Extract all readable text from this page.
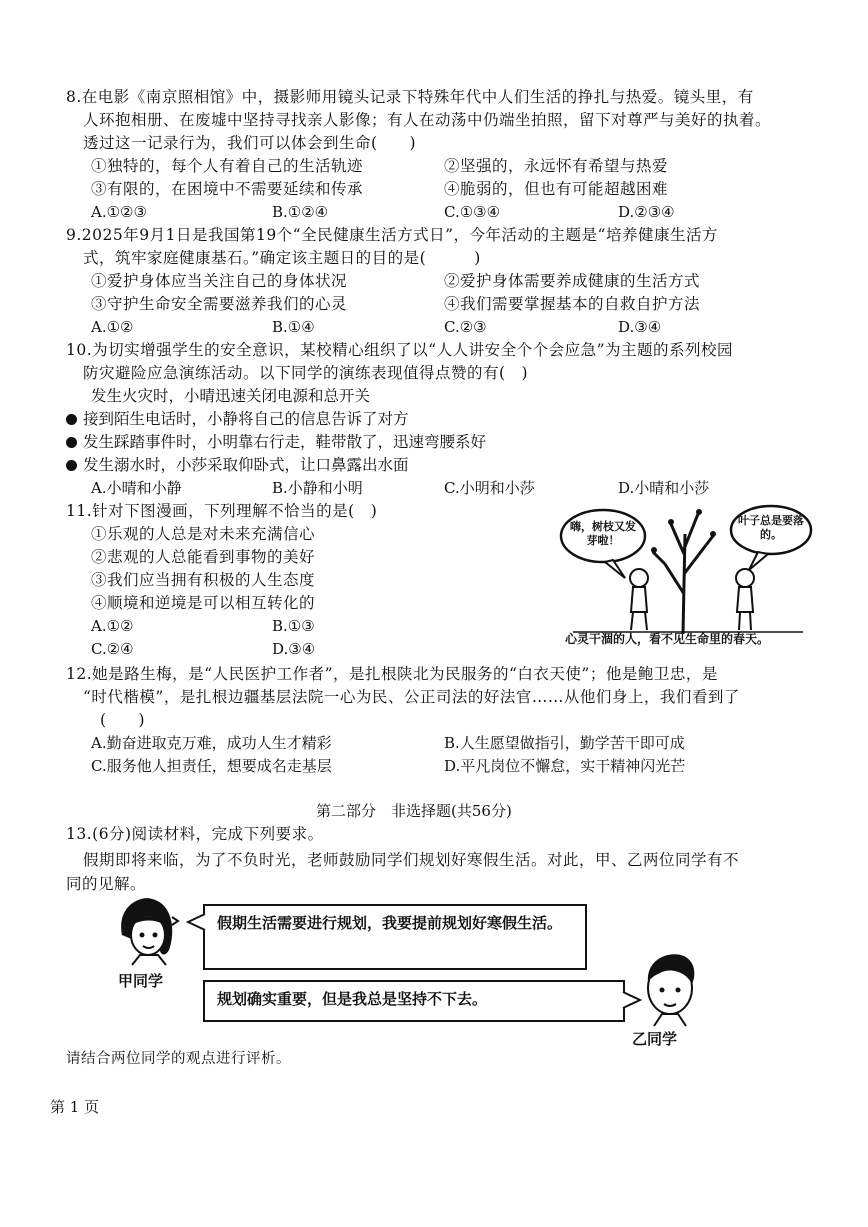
8.在电影《南京照相馆》中，摄影师用镜头记录下特殊年代中人们生活的挣扎与热爱。镜头里，有
人环抱相册、在废墟中坚持寻找亲人影像；有人在动荡中仍端坐拍照，留下对尊严与美好的执着。
透过这一记录行为，我们可以体会到生命(　　)
①独特的，每个人有着自己的生活轨迹	②坚强的，永远怀有希望与热爱
③有限的，在困境中不需要延续和传承	④脆弱的，但也有可能超越困难
A.①②③	B.①②④	C.①③④	D.②③④
9.2025年9月1日是我国第19个“全民健康生活方式日”，今年活动的主题是“培养健康生活方
式，筑牢家庭健康基石。”确定该主题日的目的是(　　　)
①爱护身体应当关注自己的身体状况	②爱护身体需要养成健康的生活方式
③守护生命安全需要滋养我们的心灵	④我们需要掌握基本的自救自护方法
A.①②	B.①④	C.②③	D.③④
10.为切实增强学生的安全意识，某校精心组织了以“人人讲安全个个会应急”为主题的系列校园
防灾避险应急演练活动。以下同学的演练表现值得点赞的有(　)
发生火灾时，小晴迅速关闭电源和总开关
接到陌生电话时，小静将自己的信息告诉了对方
发生踩踏事件时，小明靠右行走，鞋带散了，迅速弯腰系好
发生溺水时，小莎采取仰卧式，让口鼻露出水面
A.小晴和小静	B.小静和小明	C.小明和小莎	D.小晴和小莎
11.针对下图漫画，下列理解不恰当的是(　)
①乐观的人总是对未来充满信心
②悲观的人总能看到事物的美好
③我们应当拥有积极的人生态度
④顺境和逆境是可以相互转化的
A.①②	B.①③
C.②④	D.③④
嗨，树枝又发芽啦！
叶子总是要落的。
心灵干涸的人，看不见生命里的春天。
12.她是路生梅，是“人民医护工作者”，是扎根陕北为民服务的“白衣天使”；他是鲍卫忠，是
“时代楷模”，是扎根边疆基层法院一心为民、公正司法的好法官……从他们身上，我们看到了
(　　)
A.勤奋进取克万难，成功人生才精彩	B.人生愿望做指引，勤学苦干即可成
C.服务他人担责任，想要成名走基层	D.平凡岗位不懈怠，实干精神闪光芒
第二部分　非选择题(共56分)
13.(6分)阅读材料，完成下列要求。
假期即将来临，为了不负时光，老师鼓励同学们规划好寒假生活。对此，甲、乙两位同学有不
同的见解。
甲同学
假期生活需要进行规划，我要提前规划好寒假生活。
规划确实重要，但是我总是坚持不下去。
乙同学
请结合两位同学的观点进行评析。
第 1 页
